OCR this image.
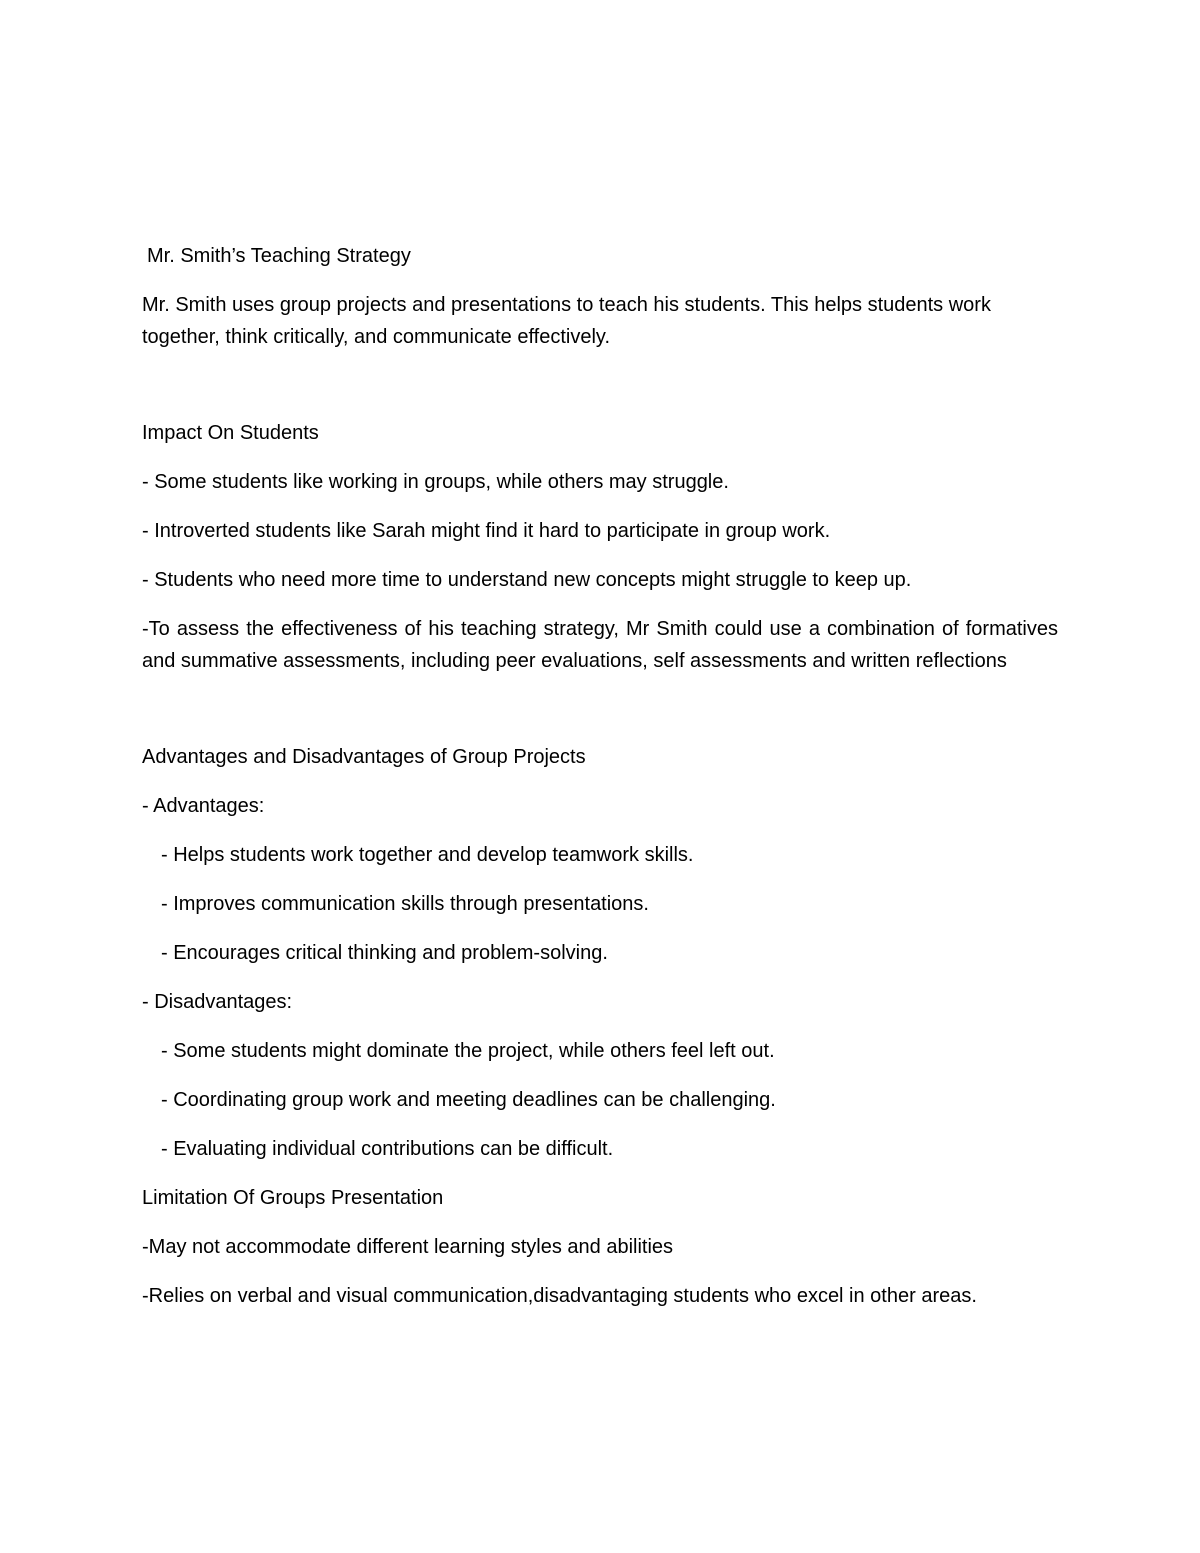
Mr. Smith’s Teaching Strategy

Mr. Smith uses group projects and presentations to teach his students. This helps students work together, think critically, and communicate effectively.

Impact On Students

- Some students like working in groups, while others may struggle.

- Introverted students like Sarah might find it hard to participate in group work.

- Students who need more time to understand new concepts might struggle to keep up.

-To assess the effectiveness of his teaching strategy, Mr Smith could use a combination of formatives and summative assessments, including peer evaluations, self assessments and written reflections

Advantages and Disadvantages of Group Projects

- Advantages:

- Helps students work together and develop teamwork skills.

- Improves communication skills through presentations.

- Encourages critical thinking and problem-solving.

- Disadvantages:

- Some students might dominate the project, while others feel left out.

- Coordinating group work and meeting deadlines can be challenging.

- Evaluating individual contributions can be difficult.

Limitation Of Groups Presentation

-May not accommodate different learning styles and abilities

-Relies on verbal and visual communication,disadvantaging students who excel in other areas.
